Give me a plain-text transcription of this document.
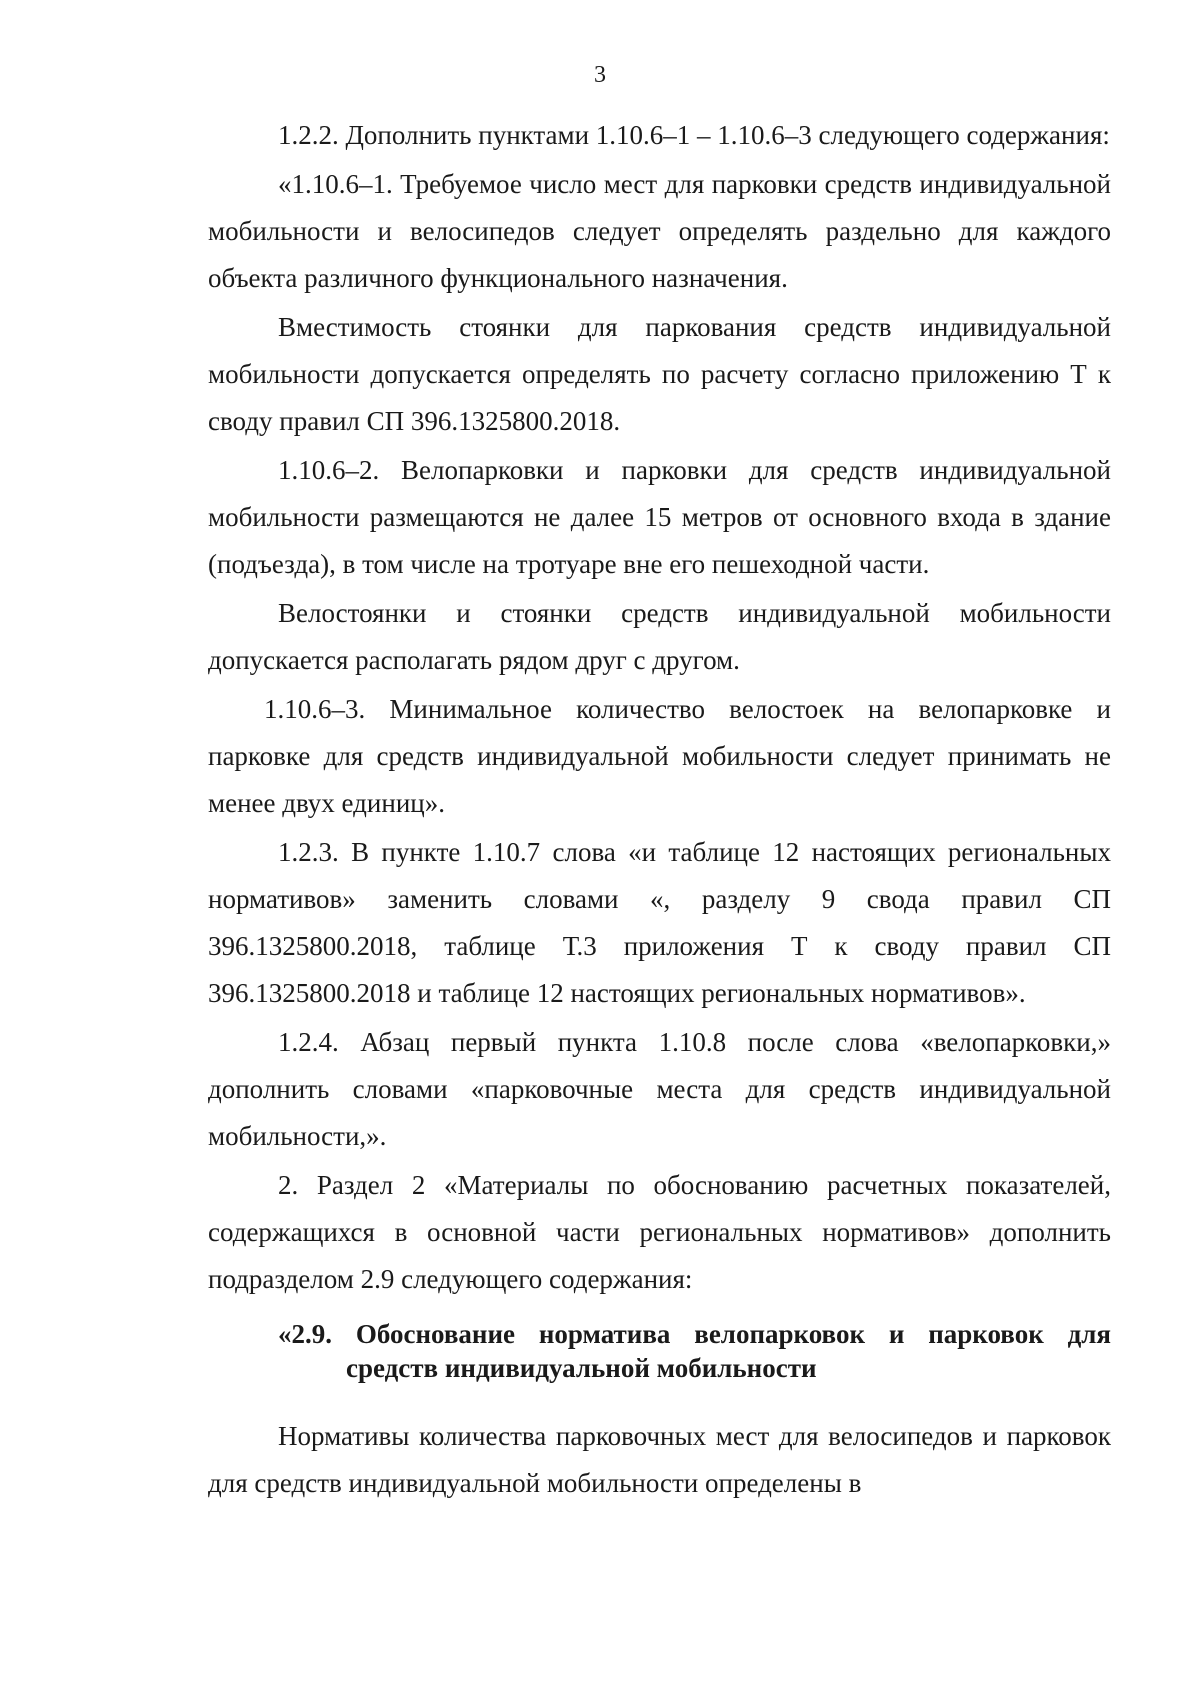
3

1.2.2. Дополнить пунктами 1.10.6–1 – 1.10.6–3 следующего содержания:

«1.10.6–1. Требуемое число мест для парковки средств индивидуальной мобильности и велосипедов следует определять раздельно для каждого объекта различного функционального назначения.

Вместимость стоянки для паркования средств индивидуальной мобильности допускается определять по расчету согласно приложению Т к своду правил СП 396.1325800.2018.

1.10.6–2. Велопарковки и парковки для средств индивидуальной мобильности размещаются не далее 15 метров от основного входа в здание (подъезда), в том числе на тротуаре вне его пешеходной части.

Велостоянки и стоянки средств индивидуальной мобильности допускается располагать рядом друг с другом.

1.10.6–3. Минимальное количество велостоек на велопарковке и парковке для средств индивидуальной мобильности следует принимать не менее двух единиц».

1.2.3. В пункте 1.10.7 слова «и таблице 12 настоящих региональных нормативов» заменить словами «, разделу 9 свода правил СП 396.1325800.2018, таблице Т.3 приложения Т к своду правил СП 396.1325800.2018 и таблице 12 настоящих региональных нормативов».

1.2.4. Абзац первый пункта 1.10.8 после слова «велопарковки,» дополнить словами «парковочные места для средств индивидуальной мобильности,».

2. Раздел 2 «Материалы по обоснованию расчетных показателей, содержащихся в основной части региональных нормативов» дополнить подразделом 2.9 следующего содержания:

«2.9. Обоснование норматива велопарковок и парковок для
средств индивидуальной мобильности

Нормативы количества парковочных мест для велосипедов и парковок для средств индивидуальной мобильности определены в
